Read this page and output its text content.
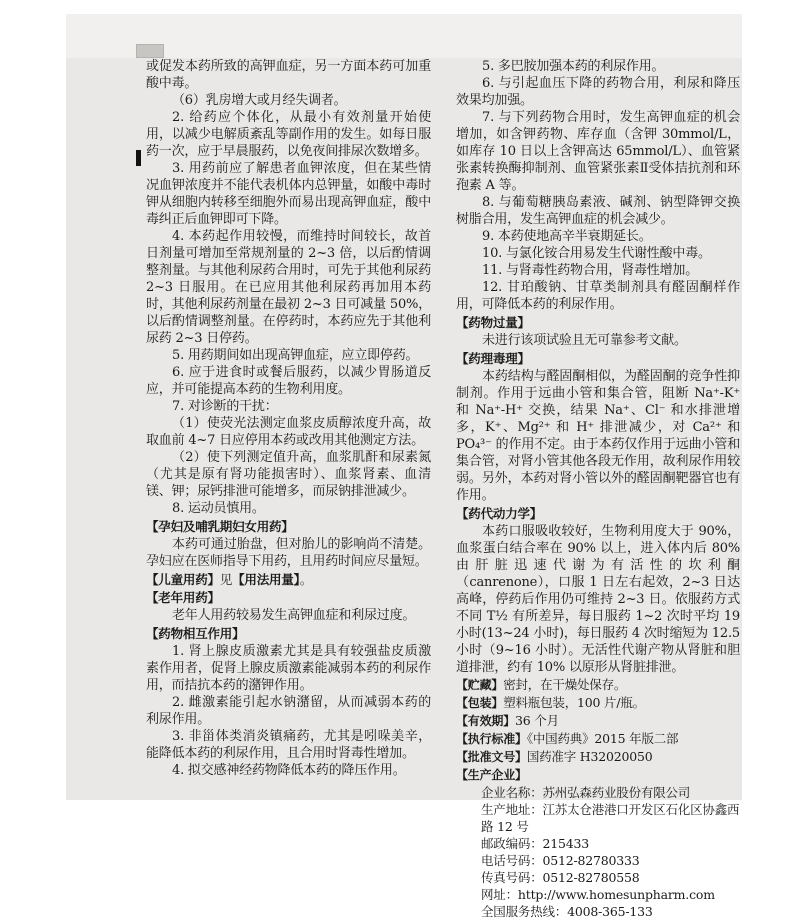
或促发本药所致的高钾血症，另一方面本药可加重酸中毒。

（6）乳房增大或月经失调者。

2. 给药应个体化，从最小有效剂量开始使用，以减少电解质紊乱等副作用的发生。如每日服药一次，应于早晨服药，以免夜间排尿次数增多。

3. 用药前应了解患者血钾浓度，但在某些情况血钾浓度并不能代表机体内总钾量，如酸中毒时钾从细胞内转移至细胞外而易出现高钾血症，酸中毒纠正后血钾即可下降。

4. 本药起作用较慢，而维持时间较长，故首日剂量可增加至常规剂量的 2~3 倍，以后酌情调整剂量。与其他利尿药合用时，可先于其他利尿药 2~3 日服用。在已应用其他利尿药再加用本药时，其他利尿药剂量在最初 2~3 日可减量 50%，以后酌情调整剂量。在停药时，本药应先于其他利尿药 2~3 日停药。

5. 用药期间如出现高钾血症，应立即停药。

6. 应于进食时或餐后服药，以减少胃肠道反应，并可能提高本药的生物利用度。

7. 对诊断的干扰：

（1）使荧光法测定血浆皮质醇浓度升高，故取血前 4~7 日应停用本药或改用其他测定方法。

（2）使下列测定值升高，血浆肌酐和尿素氮（尤其是原有肾功能损害时）、血浆肾素、血清镁、钾；尿钙排泄可能增多，而尿钠排泄减少。

8. 运动员慎用。

【孕妇及哺乳期妇女用药】

本药可通过胎盘，但对胎儿的影响尚不清楚。孕妇应在医师指导下用药，且用药时间应尽量短。

【儿童用药】见【用法用量】。

【老年用药】

老年人用药较易发生高钾血症和利尿过度。

【药物相互作用】

1. 肾上腺皮质激素尤其是具有较强盐皮质激素作用者，促肾上腺皮质激素能减弱本药的利尿作用，而拮抗本药的潴钾作用。

2. 雌激素能引起水钠潴留，从而减弱本药的利尿作用。

3. 非甾体类消炎镇痛药，尤其是吲哚美辛，能降低本药的利尿作用，且合用时肾毒性增加。

4. 拟交感神经药物降低本药的降压作用。

5. 多巴胺加强本药的利尿作用。

6. 与引起血压下降的药物合用，利尿和降压效果均加强。

7. 与下列药物合用时，发生高钾血症的机会增加，如含钾药物、库存血（含钾 30mmol/L，如库存 10 日以上含钾高达 65mmol/L）、血管紧张素转换酶抑制剂、血管紧张素Ⅱ受体拮抗剂和环孢素 A 等。

8. 与葡萄糖胰岛素液、碱剂、钠型降钾交换树脂合用，发生高钾血症的机会减少。

9. 本药使地高辛半衰期延长。

10. 与氯化铵合用易发生代谢性酸中毒。

11. 与肾毒性药物合用，肾毒性增加。

12. 甘珀酸钠、甘草类制剂具有醛固酮样作用，可降低本药的利尿作用。

【药物过量】

未进行该项试验且无可靠参考文献。

【药理毒理】

本药结构与醛固酮相似，为醛固酮的竞争性抑制剂。作用于远曲小管和集合管，阻断 Na⁺-K⁺ 和 Na⁺-H⁺ 交换，结果 Na⁺、Cl⁻ 和水排泄增多，K⁺、Mg²⁺ 和 H⁺ 排泄减少，对 Ca²⁺ 和 PO₄³⁻ 的作用不定。由于本药仅作用于远曲小管和集合管，对肾小管其他各段无作用，故利尿作用较弱。另外，本药对肾小管以外的醛固酮靶器官也有作用。

【药代动力学】

本药口服吸收较好，生物利用度大于 90%，血浆蛋白结合率在 90% 以上，进入体内后 80% 由肝脏迅速代谢为有活性的坎利酮（canrenone），口服 1 日左右起效，2~3 日达高峰，停药后作用仍可维持 2~3 日。依服药方式不同 T½ 有所差异，每日服药 1~2 次时平均 19 小时(13~24 小时)，每日服药 4 次时缩短为 12.5 小时（9~16 小时）。无活性代谢产物从肾脏和胆道排泄，约有 10% 以原形从肾脏排泄。

【贮藏】密封，在干燥处保存。

【包装】塑料瓶包装，100 片/瓶。

【有效期】36 个月

【执行标准】《中国药典》2015 年版二部

【批准文号】国药准字 H32020050

【生产企业】

企业名称：苏州弘森药业股份有限公司
生产地址：江苏太仓港港口开发区石化区协鑫西路 12 号
邮政编码：215433
电话号码：0512-82780333
传真号码：0512-82780558
网址：http://www.homesunpharm.com
全国服务热线：4008-365-133
